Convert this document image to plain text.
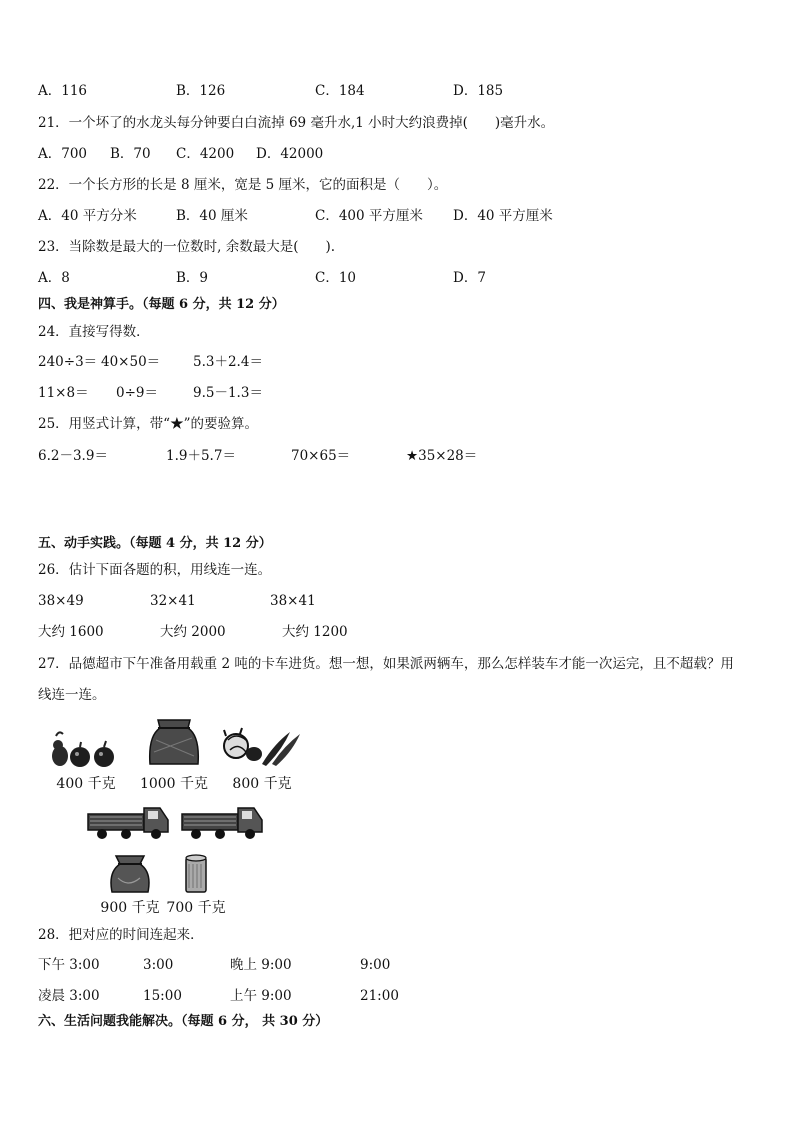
A．116	B．126	C．184	D．185
21．一个坏了的水龙头每分钟要白白流掉 69 毫升水,1 小时大约浪费掉(　　)毫升水。
A．700 B．70 C．4200 D．42000
22．一个长方形的长是 8 厘米，宽是 5 厘米，它的面积是（　　）。
A．40 平方分米	B．40 厘米	C．400 平方厘米 D．40 平方厘米
23．当除数是最大的一位数时, 余数最大是(　　).
A．8	B．9	C．10	D．7
四、我是神算手。（每题 6 分，共 12 分）
24．直接写得数．
240÷3＝ 40×50＝ 5.3＋2.4＝
11×8＝ 0÷9＝	9.5－1.3＝
25．用竖式计算，带“★”的要验算。
6.2－3.9＝	1.9＋5.7＝	70×65＝	★35×28＝
五、动手实践。（每题 4 分，共 12 分）
26．估计下面各题的积，用线连一连。
38×49	32×41	38×41
大约 1600	大约 2000	大约 1200
27．品德超市下午准备用载重 2 吨的卡车进货。想一想，如果派两辆车，那么怎样装车才能一次运完，且不超载？用
线连一连。
400 千克	1000 千克	800 千克
900 千克 700 千克
28．把对应的时间连起来．
下午 3:00	3:00	晚上 9:00	9:00
凌晨 3:00	15:00	上午 9:00	21:00
六、生活问题我能解决。（每题 6 分， 共 30 分）
